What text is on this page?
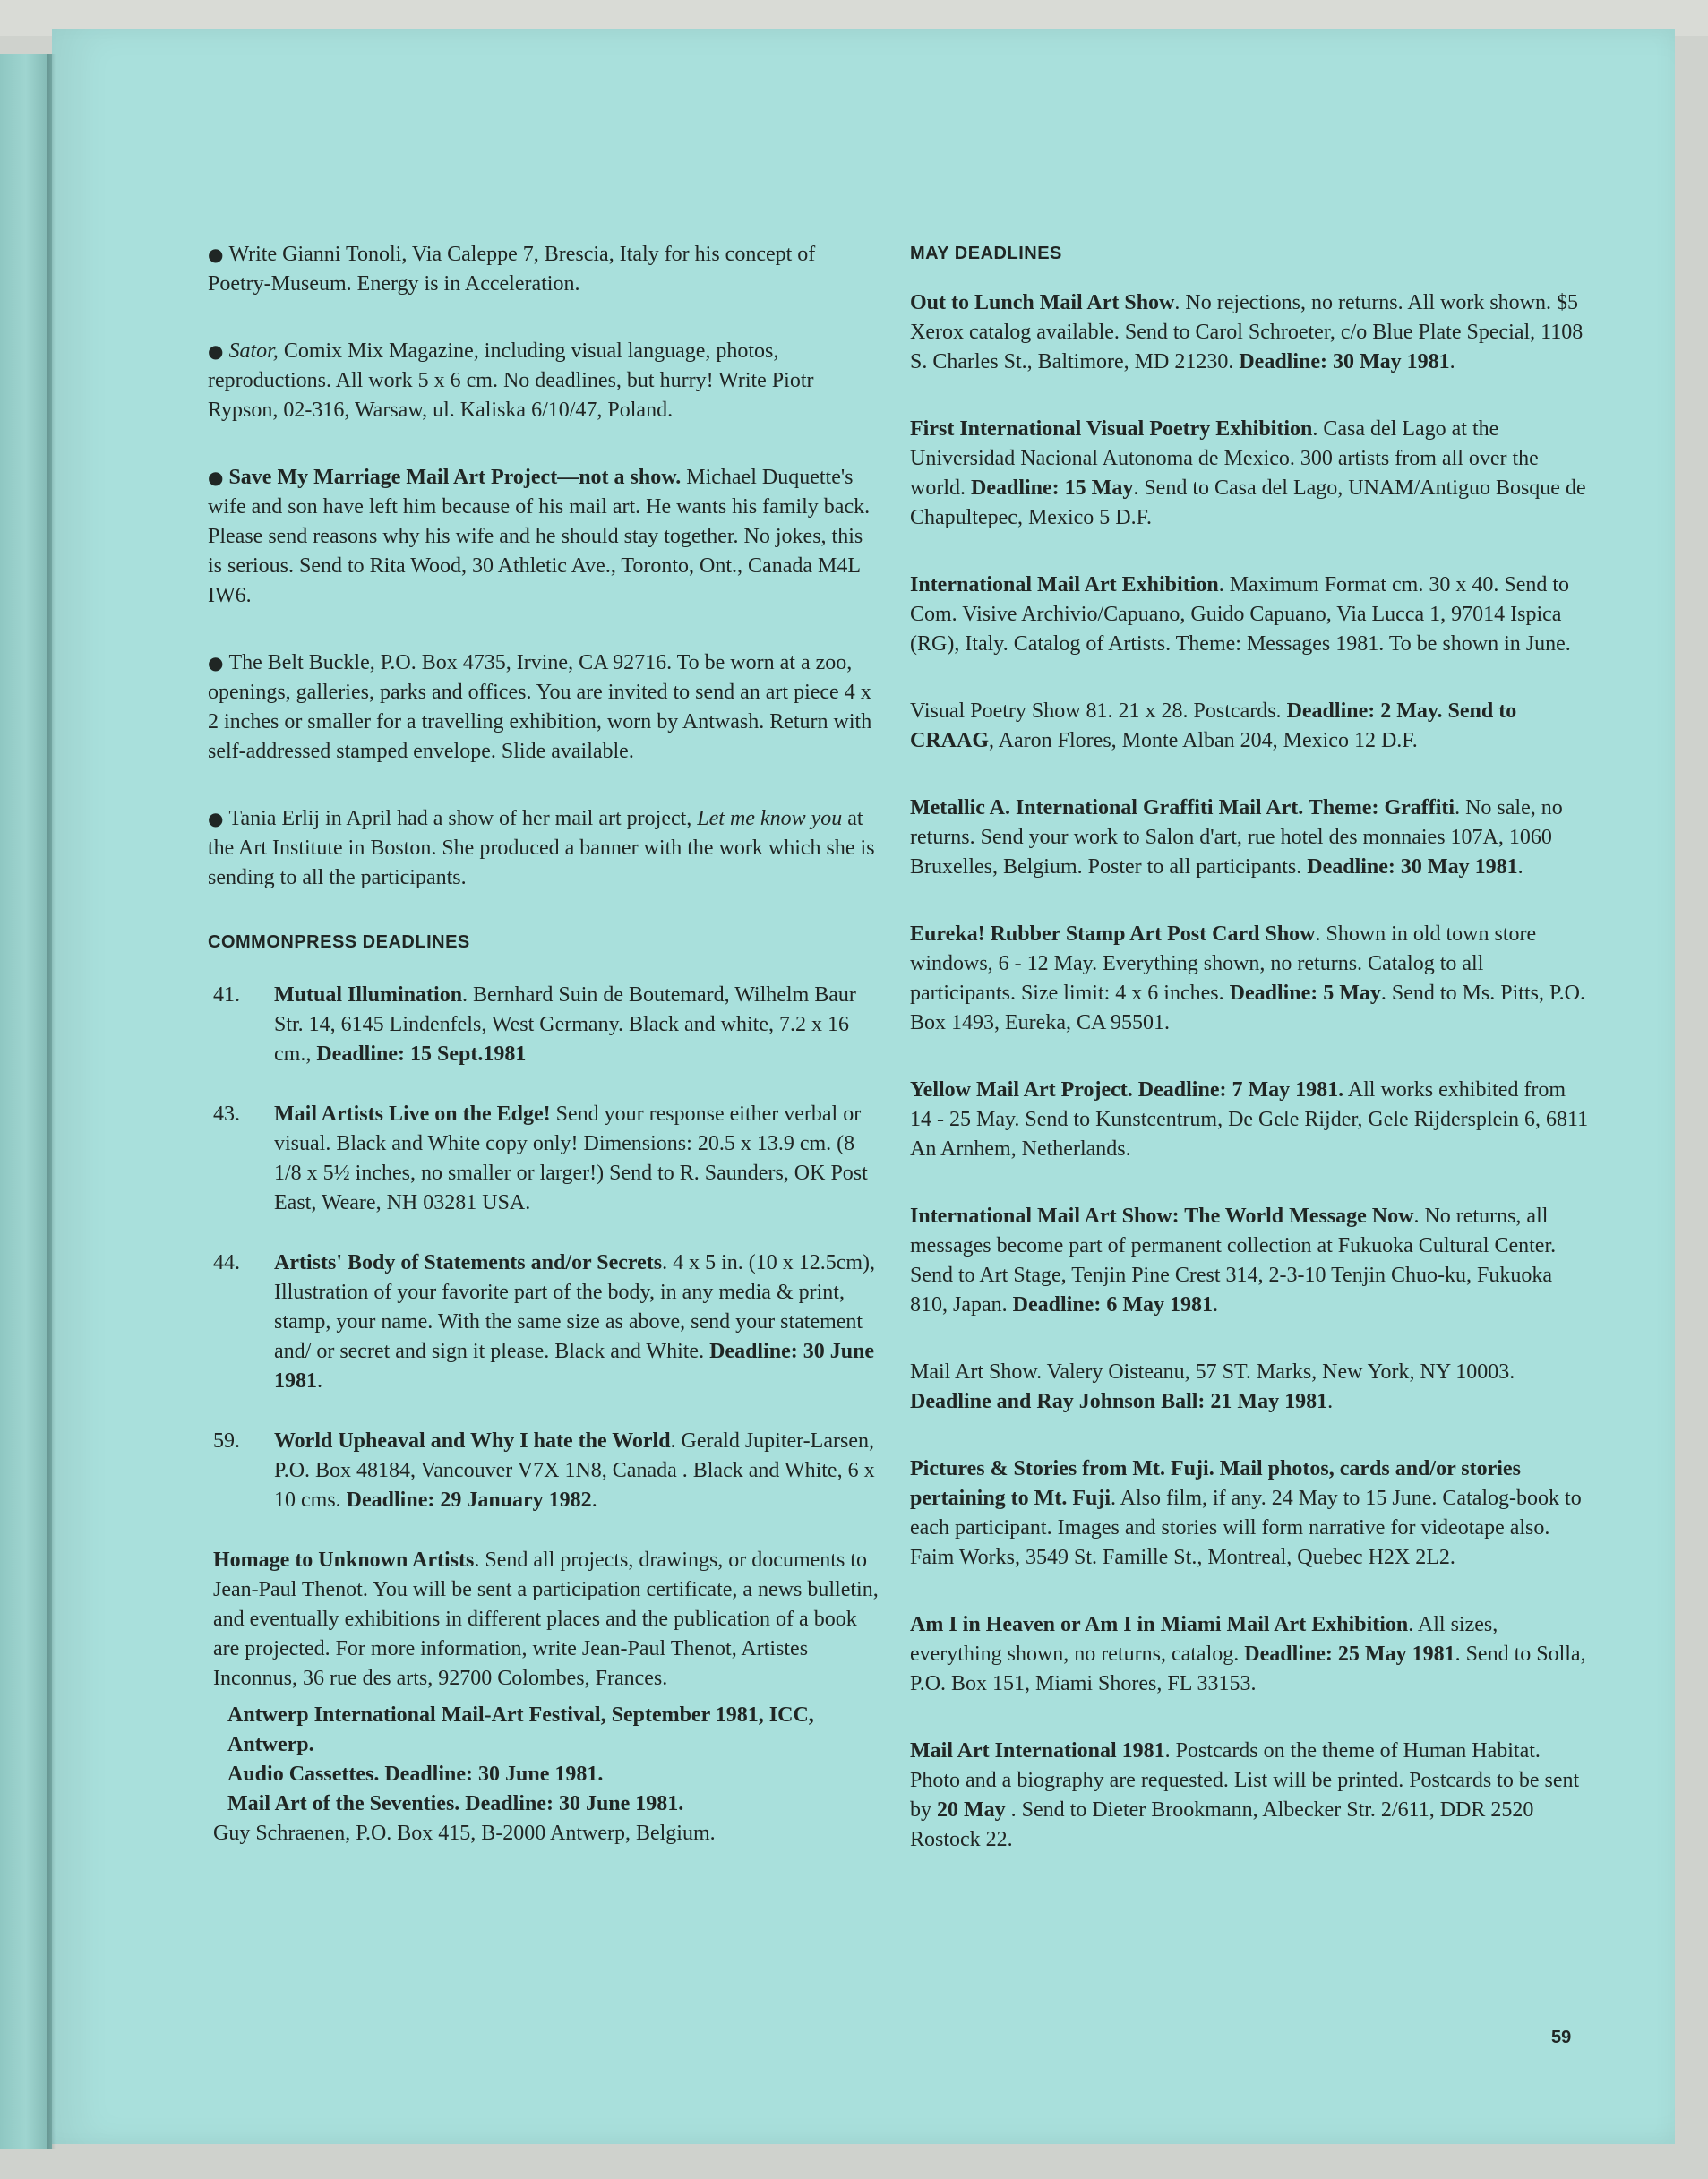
● Write Gianni Tonoli, Via Caleppe 7, Brescia, Italy for his concept of Poetry-Museum. Energy is in Acceleration.

● Sator, Comix Mix Magazine, including visual language, photos, reproductions. All work 5 x 6 cm. No deadlines, but hurry! Write Piotr Rypson, 02-316, Warsaw, ul. Kaliska 6/10/47, Poland.

● Save My Marriage Mail Art Project—not a show. Michael Duquette's wife and son have left him because of his mail art. He wants his family back. Please send reasons why his wife and he should stay together. No jokes, this is serious. Send to Rita Wood, 30 Athletic Ave., Toronto, Ont., Canada M4L IW6.

● The Belt Buckle, P.O. Box 4735, Irvine, CA 92716. To be worn at a zoo, openings, galleries, parks and offices. You are invited to send an art piece 4 x 2 inches or smaller for a travelling exhibition, worn by Antwash. Return with self-addressed stamped envelope. Slide available.

● Tania Erlij in April had a show of her mail art project, Let me know you at the Art Institute in Boston. She produced a banner with the work which she is sending to all the participants.

COMMONPRESS DEADLINES
41.	Mutual Illumination. Bernhard Suin de Boutemard, Wilhelm Baur Str. 14, 6145 Lindenfels, West Germany. Black and white, 7.2 x 16 cm., Deadline: 15 Sept.1981

43.	Mail Artists Live on the Edge! Send your response either verbal or visual. Black and White copy only! Dimensions: 20.5 x 13.9 cm. (8 1/8 x 5½ inches, no smaller or larger!) Send to R. Saunders, OK Post East, Weare, NH 03281 USA.

44.	Artists' Body of Statements and/or Secrets. 4 x 5 in. (10 x 12.5cm), Illustration of your favorite part of the body, in any media & print, stamp, your name. With the same size as above, send your statement and/ or secret and sign it please. Black and White. Deadline: 30 June 1981.

59.	World Upheaval and Why I hate the World. Gerald Jupiter-Larsen, P.O. Box 48184, Vancouver V7X 1N8, Canada . Black and White, 6 x 10 cms. Deadline: 29 January 1982.

Homage to Unknown Artists. Send all projects, drawings, or documents to Jean-Paul Thenot. You will be sent a participation certificate, a news bulletin, and eventually exhibitions in different places and the publication of a book are projected. For more information, write Jean-Paul Thenot, Artistes Inconnus, 36 rue des arts, 92700 Colombes, Frances.

Antwerp International Mail-Art Festival, September 1981, ICC, Antwerp.

Audio Cassettes. Deadline: 30 June 1981.

Mail Art of the Seventies. Deadline: 30 June 1981.

Guy Schraenen, P.O. Box 415, B-2000 Antwerp, Belgium.

MAY DEADLINES

Out to Lunch Mail Art Show. No rejections, no returns. All work shown. $5 Xerox catalog available. Send to Carol Schroeter, c/o Blue Plate Special, 1108 S. Charles St., Baltimore, MD 21230. Deadline: 30 May 1981.

First International Visual Poetry Exhibition. Casa del Lago at the Universidad Nacional Autonoma de Mexico. 300 artists from all over the world. Deadline: 15 May. Send to Casa del Lago, UNAM/Antiguo Bosque de Chapultepec, Mexico 5 D.F.

International Mail Art Exhibition. Maximum Format cm. 30 x 40. Send to Com. Visive Archivio/Capuano, Guido Capuano, Via Lucca 1, 97014 Ispica (RG), Italy. Catalog of Artists. Theme: Messages 1981. To be shown in June.

Visual Poetry Show 81. 21 x 28. Postcards. Deadline: 2 May. Send to CRAAG, Aaron Flores, Monte Alban 204, Mexico 12 D.F.

Metallic A. International Graffiti Mail Art. Theme: Graffiti. No sale, no returns. Send your work to Salon d'art, rue hotel des monnaies 107A, 1060 Bruxelles, Belgium. Poster to all participants. Deadline: 30 May 1981.

Eureka! Rubber Stamp Art Post Card Show. Shown in old town store windows, 6 - 12 May. Everything shown, no returns. Catalog to all participants. Size limit: 4 x 6 inches. Deadline: 5 May. Send to Ms. Pitts, P.O. Box 1493, Eureka, CA 95501.

Yellow Mail Art Project. Deadline: 7 May 1981. All works exhibited from 14 - 25 May. Send to Kunstcentrum, De Gele Rijder, Gele Rijdersplein 6, 6811 An Arnhem, Netherlands.

International Mail Art Show: The World Message Now. No returns, all messages become part of permanent collection at Fukuoka Cultural Center. Send to Art Stage, Tenjin Pine Crest 314, 2-3-10 Tenjin Chuo-ku, Fukuoka 810, Japan. Deadline: 6 May 1981.

Mail Art Show. Valery Oisteanu, 57 ST. Marks, New York, NY 10003. Deadline and Ray Johnson Ball: 21 May 1981.

Pictures & Stories from Mt. Fuji. Mail photos, cards and/or stories pertaining to Mt. Fuji. Also film, if any. 24 May to 15 June. Catalog-book to each participant. Images and stories will form narrative for videotape also. Faim Works, 3549 St. Famille St., Montreal, Quebec H2X 2L2.

Am I in Heaven or Am I in Miami Mail Art Exhibition. All sizes, everything shown, no returns, catalog. Deadline: 25 May 1981. Send to Solla, P.O. Box 151, Miami Shores, FL 33153.

Mail Art International 1981. Postcards on the theme of Human Habitat. Photo and a biography are requested. List will be printed. Postcards to be sent by 20 May . Send to Dieter Brookmann, Albecker Str. 2/611, DDR 2520 Rostock 22.

59
